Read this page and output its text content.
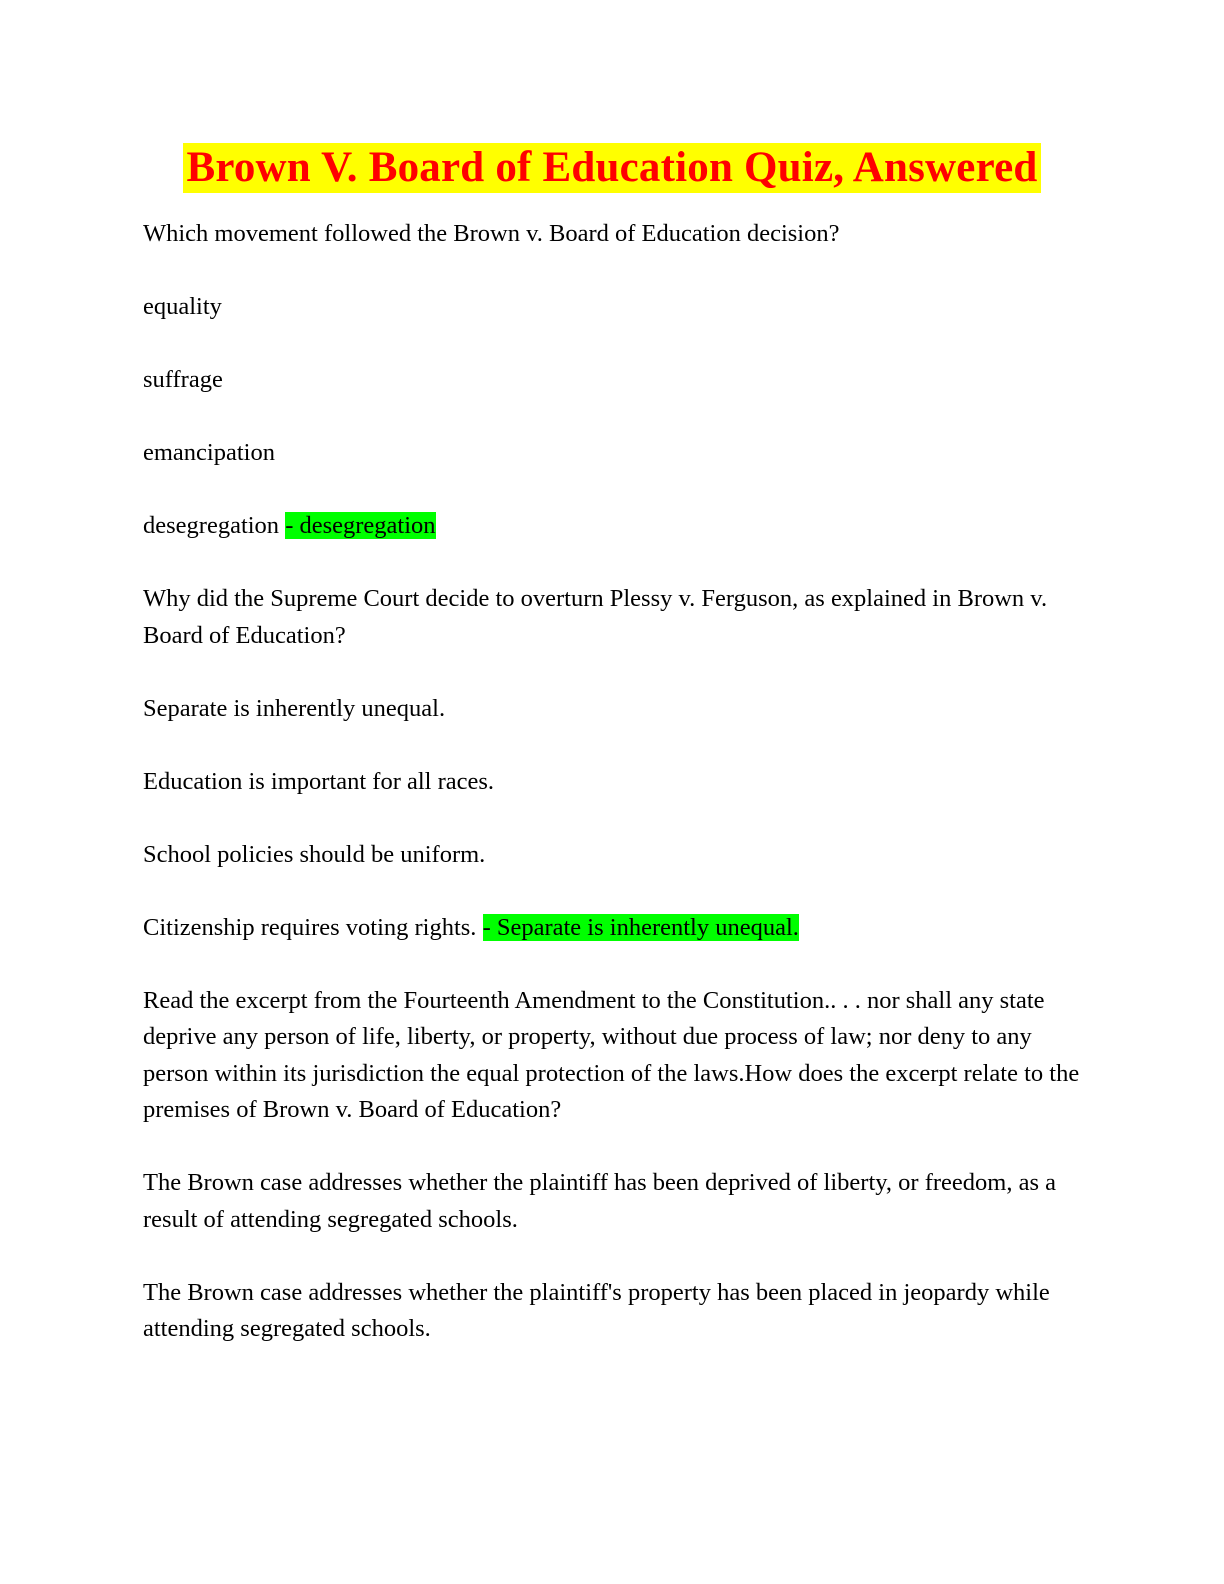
Brown V. Board of Education Quiz, Answered

Which movement followed the Brown v. Board of Education decision?

equality

suffrage

emancipation

desegregation - desegregation

Why did the Supreme Court decide to overturn Plessy v. Ferguson, as explained in Brown v. Board of Education?

Separate is inherently unequal.

Education is important for all races.

School policies should be uniform.

Citizenship requires voting rights. - Separate is inherently unequal.

Read the excerpt from the Fourteenth Amendment to the Constitution.. . . nor shall any state deprive any person of life, liberty, or property, without due process of law; nor deny to any person within its jurisdiction the equal protection of the laws.How does the excerpt relate to the premises of Brown v. Board of Education?

The Brown case addresses whether the plaintiff has been deprived of liberty, or freedom, as a result of attending segregated schools.

The Brown case addresses whether the plaintiff's property has been placed in jeopardy while attending segregated schools.
